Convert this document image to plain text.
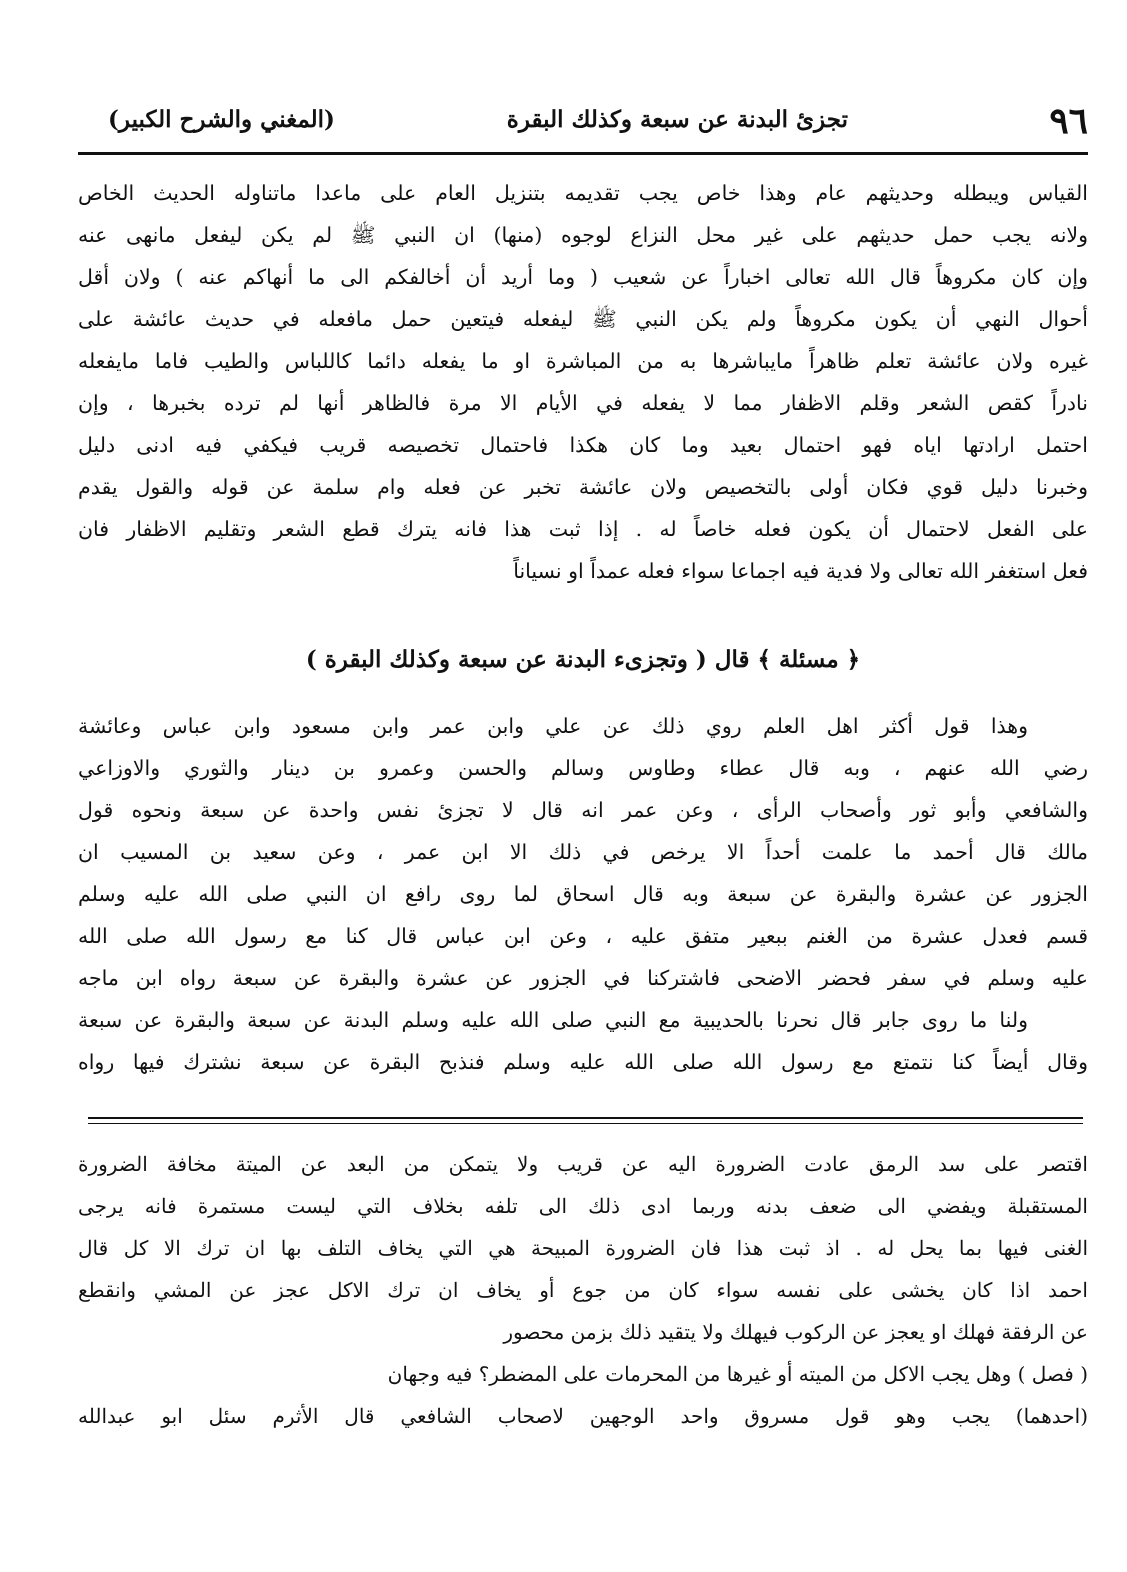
٩٦
تجزئ البدنة عن سبعة وكذلك البقرة
(المغني والشرح الكبير)
القياس ويبطله وحديثهم عام وهذا خاص يجب تقديمه بتنزيل العام على ماعدا ماتناوله الحديث الخاص
ولانه يجب حمل حديثهم على غير محل النزاع لوجوه (منها) ان النبي ﷺ لم يكن ليفعل مانهى عنه
وإن كان مكروهاً قال الله تعالى اخباراً عن شعيب ( وما أريد أن أخالفكم الى ما أنهاكم عنه ) ولان أقل
أحوال النهي أن يكون مكروهاً ولم يكن النبي ﷺ ليفعله فيتعين حمل مافعله في حديث عائشة على
غيره ولان عائشة تعلم ظاهراً مايباشرها به من المباشرة او ما يفعله دائما كاللباس والطيب فاما مايفعله
نادراً كقص الشعر وقلم الاظفار مما لا يفعله في الأيام الا مرة فالظاهر أنها لم ترده بخبرها ، وإن
احتمل ارادتها اياه فهو احتمال بعيد وما كان هكذا فاحتمال تخصيصه قريب فيكفي فيه ادنى دليل
وخبرنا دليل قوي فكان أولى بالتخصيص ولان عائشة تخبر عن فعله وام سلمة عن قوله والقول يقدم
على الفعل لاحتمال أن يكون فعله خاصاً له . إذا ثبت هذا فانه يترك قطع الشعر وتقليم الاظفار فان
فعل استغفر الله تعالى ولا فدية فيه اجماعا سواء فعله عمداً او نسياناً
﴿ مسئلة ﴾ قال ( وتجزىء البدنة عن سبعة وكذلك البقرة )
وهذا قول أكثر اهل العلم روي ذلك عن علي وابن عمر وابن مسعود وابن عباس وعائشة
رضي الله عنهم ، وبه قال عطاء وطاوس وسالم والحسن وعمرو بن دينار والثوري والاوزاعي
والشافعي وأبو ثور وأصحاب الرأى ، وعن عمر انه قال لا تجزئ نفس واحدة عن سبعة ونحوه قول
مالك قال أحمد ما علمت أحداً الا يرخص في ذلك الا ابن عمر ، وعن سعيد بن المسيب ان
الجزور عن عشرة والبقرة عن سبعة وبه قال اسحاق لما روى رافع ان النبي صلى الله عليه وسلم
قسم فعدل عشرة من الغنم ببعير متفق عليه ، وعن ابن عباس قال كنا مع رسول الله صلى الله
عليه وسلم في سفر فحضر الاضحى فاشتركنا في الجزور عن عشرة والبقرة عن سبعة رواه ابن ماجه
ولنا ما روى جابر قال نحرنا بالحديبية مع النبي صلى الله عليه وسلم البدنة عن سبعة والبقرة عن سبعة
وقال أيضاً كنا نتمتع مع رسول الله صلى الله عليه وسلم فنذبح البقرة عن سبعة نشترك فيها رواه
اقتصر على سد الرمق عادت الضرورة اليه عن قريب ولا يتمكن من البعد عن الميتة مخافة الضرورة
المستقبلة ويفضي الى ضعف بدنه وربما ادى ذلك الى تلفه بخلاف التي ليست مستمرة فانه يرجى
الغنى فيها بما يحل له . اذ ثبت هذا فان الضرورة المبيحة هي التي يخاف التلف بها ان ترك الا كل قال
احمد اذا كان يخشى على نفسه سواء كان من جوع أو يخاف ان ترك الاكل عجز عن المشي وانقطع
عن الرفقة فهلك او يعجز عن الركوب فيهلك ولا يتقيد ذلك بزمن محصور
( فصل ) وهل يجب الاكل من الميته أو غيرها من المحرمات على المضطر؟ فيه وجهان
(احدهما) يجب وهو قول مسروق واحد الوجهين لاصحاب الشافعي قال الأثرم سئل ابو عبدالله
